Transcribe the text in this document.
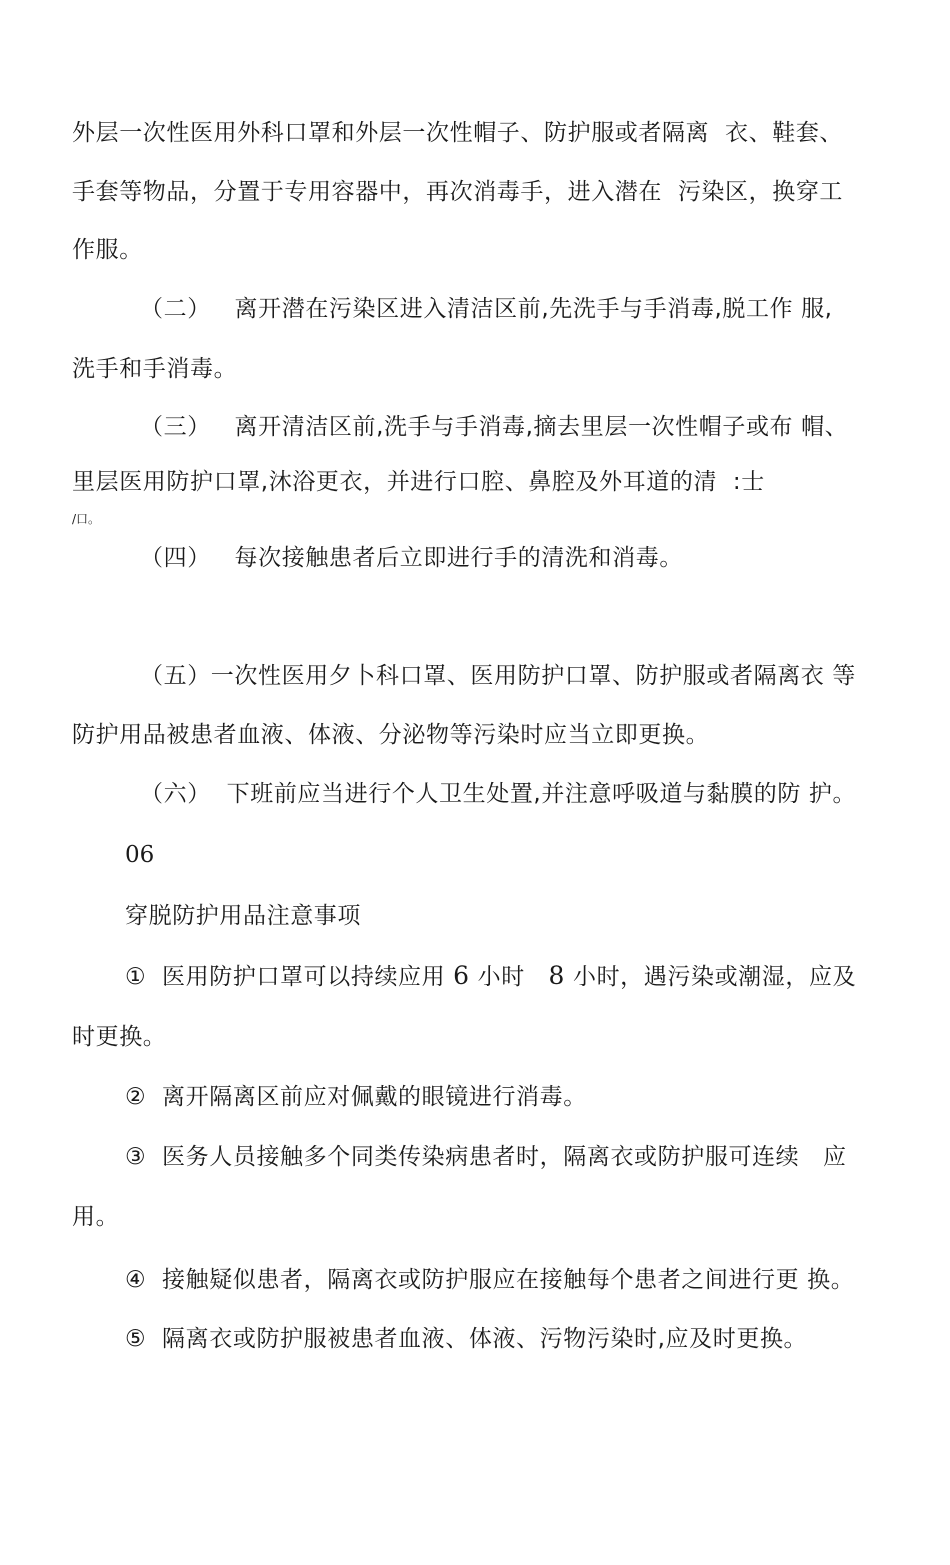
外层一次性医用外科口罩和外层一次性帽子、防护服或者隔离  衣、鞋套、
手套等物品，分置于专用容器中，再次消毒手，进入潜在  污染区，换穿工
作服。
（二）   离开潜在污染区进入清洁区前,先洗手与手消毒,脱工作 服,
洗手和手消毒。
（三）   离开清洁区前,洗手与手消毒,摘去里层一次性帽子或布 帽、
里层医用防护口罩,沐浴更衣，并进行口腔、鼻腔及外耳道的清  :士
/口。
（四）   每次接触患者后立即进行手的清洗和消毒。
（五）一次性医用夕卜科口罩、医用防护口罩、防护服或者隔离衣 等
防护用品被患者血液、体液、分泌物等污染时应当立即更换。
（六）  下班前应当进行个人卫生处置,并注意呼吸道与黏膜的防 护。
06
穿脱防护用品注意事项
①  医用防护口罩可以持续应用 6 小时 8 小时，遇污染或潮湿，应及
时更换。
②  离开隔离区前应对佩戴的眼镜进行消毒。
③  医务人员接触多个同类传染病患者时，隔离衣或防护服可连续   应
用。
④  接触疑似患者，隔离衣或防护服应在接触每个患者之间进行更 换。
⑤  隔离衣或防护服被患者血液、体液、污物污染时,应及时更换。
